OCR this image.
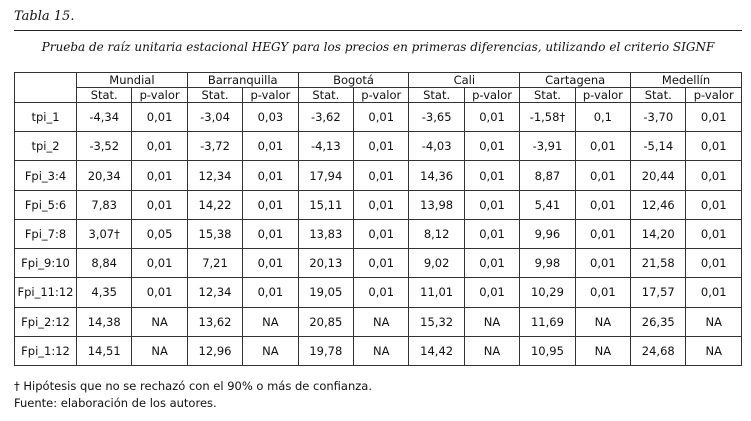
Tabla 15.
Prueba de raíz unitaria estacional HEGY para los precios en primeras diferencias, utilizando el criterio SIGNF
	Mundial		Barranquilla		Bogotá		Cali		Cartagena		Medellín	
	Stat.	p-valor	Stat.	p-valor	Stat.	p-valor	Stat.	p-valor	Stat.	p-valor	Stat.	p-valor
tpi_1	-4,34	0,01	-3,04	0,03	-3,62	0,01	-3,65	0,01	-1,58†	0,1	-3,70	0,01
tpi_2	-3,52	0,01	-3,72	0,01	-4,13	0,01	-4,03	0,01	-3,91	0,01	-5,14	0,01
Fpi_3:4	20,34	0,01	12,34	0,01	17,94	0,01	14,36	0,01	8,87	0,01	20,44	0,01
Fpi_5:6	7,83	0,01	14,22	0,01	15,11	0,01	13,98	0,01	5,41	0,01	12,46	0,01
Fpi_7:8	3,07†	0,05	15,38	0,01	13,83	0,01	8,12	0,01	9,96	0,01	14,20	0,01
Fpi_9:10	8,84	0,01	7,21	0,01	20,13	0,01	9,02	0,01	9,98	0,01	21,58	0,01
Fpi_11:12	4,35	0,01	12,34	0,01	19,05	0,01	11,01	0,01	10,29	0,01	17,57	0,01
Fpi_2:12	14,38	NA	13,62	NA	20,85	NA	15,32	NA	11,69	NA	26,35	NA
Fpi_1:12	14,51	NA	12,96	NA	19,78	NA	14,42	NA	10,95	NA	24,68	NA
† Hipótesis que no se rechazó con el 90% o más de confianza.
Fuente: elaboración de los autores.
